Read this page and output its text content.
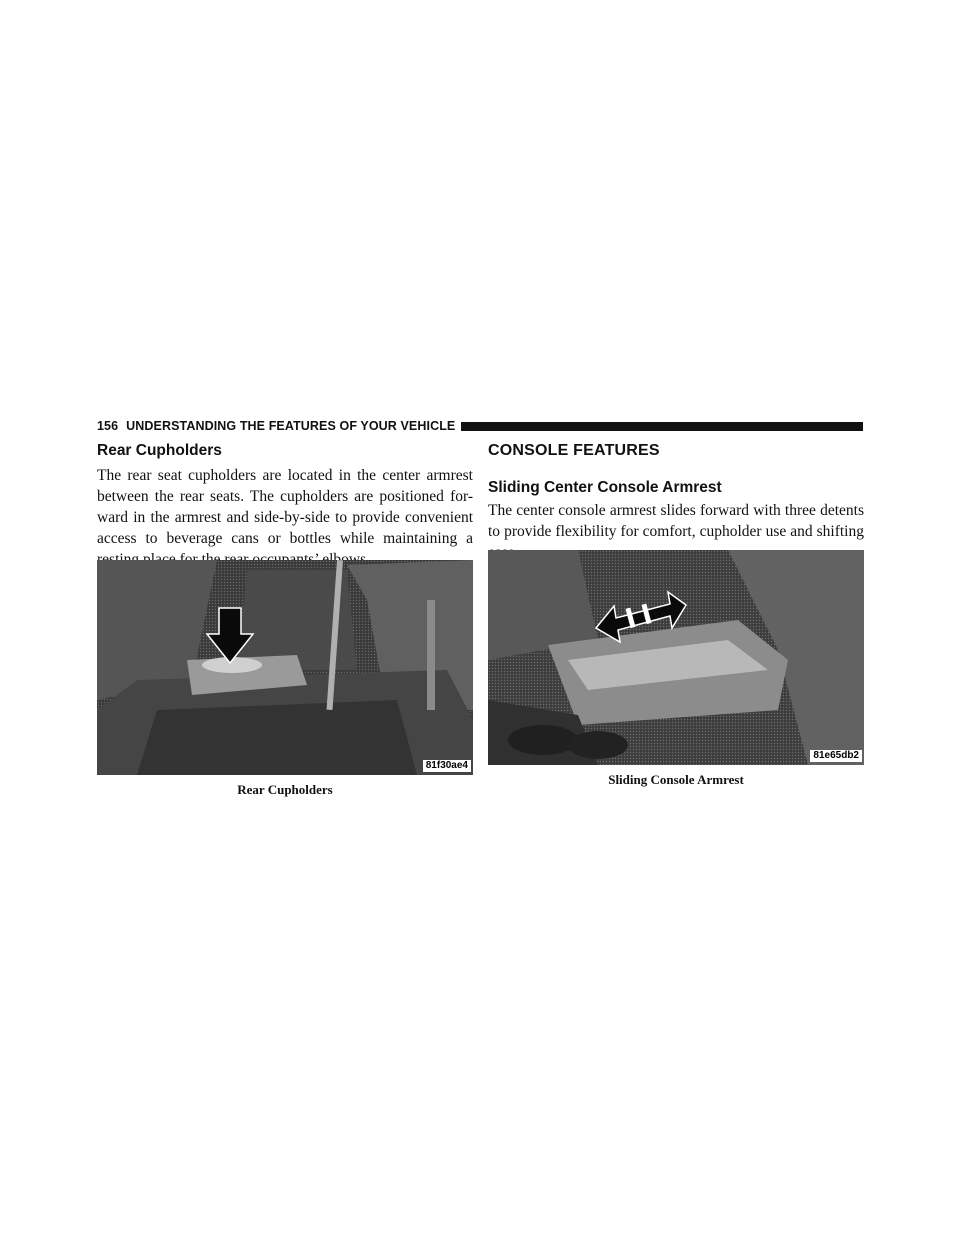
156 UNDERSTANDING THE FEATURES OF YOUR VEHICLE
Rear Cupholders

The rear seat cupholders are located in the center armrest between the rear seats. The cupholders are positioned for-ward in the armrest and side-by-side to provide convenient access to beverage cans or bottles while maintaining a

CONSOLE FEATURES
Sliding Center Console Armrest

The center console armrest slides forward with three detents to provide flexibility for comfort, cupholder use and shifting

81f30ae4
Rear Cupholders
81e65db2
Sliding Console Armrest
